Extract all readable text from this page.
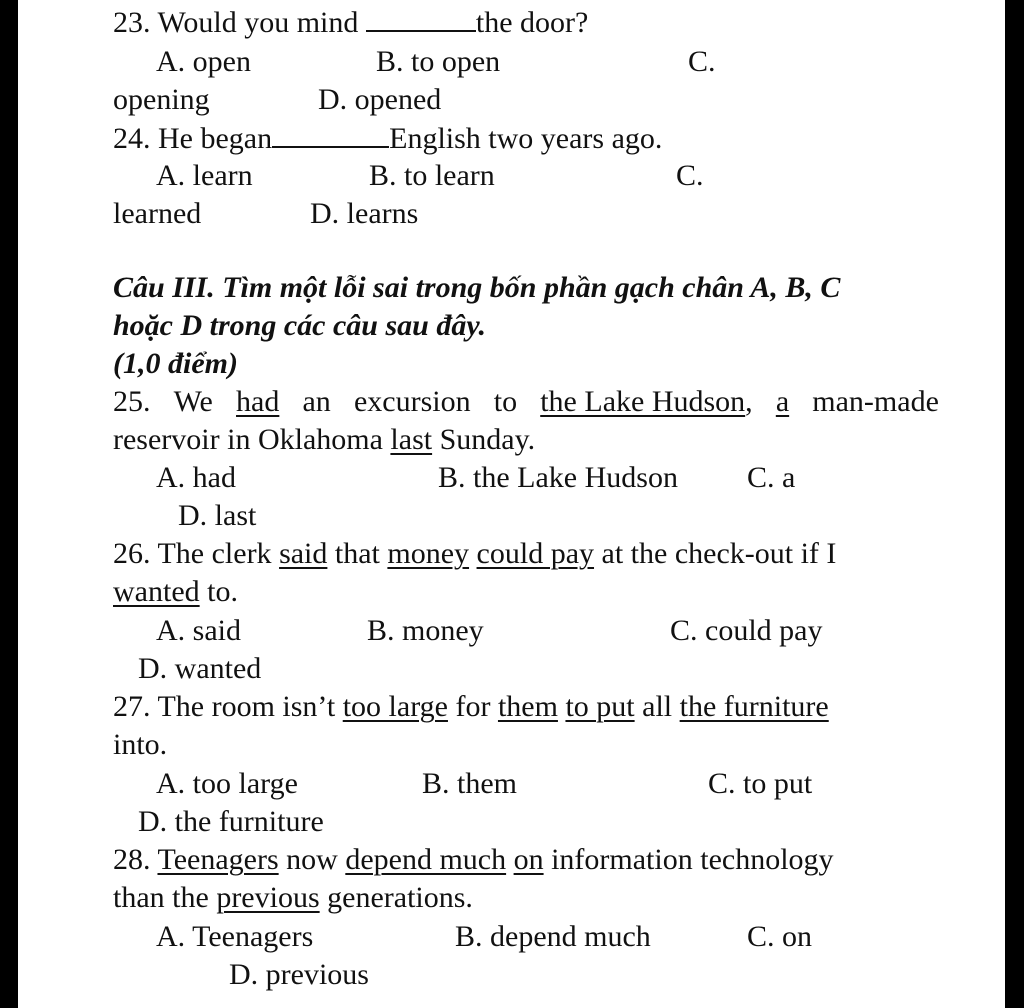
23. Would you mind	the door?
A. open	B. to open	C.
opening	D. opened
24. He began	English two years ago.
A. learn	B. to learn	C.
learned	D. learns
Câu III. Tìm một lỗi sai trong bốn phần gạch chân A, B, C
hoặc D trong các câu sau đây.
(1,0 điểm)
25. We had an excursion to the Lake Hudson, a man-made
reservoir in Oklahoma last Sunday.
A. had	B. the Lake Hudson C. a
D. last
26. The clerk said that money could pay at the check-out if I
wanted to.
A. said	B. money	C. could pay
D. wanted
27. The room isn’t too large for them to put all the furniture
into.
A. too large	B. them	C. to put
D. the furniture
28. Teenagers now depend much on information technology
than the previous generations.
A. Teenagers	B. depend much	C. on
D. previous
